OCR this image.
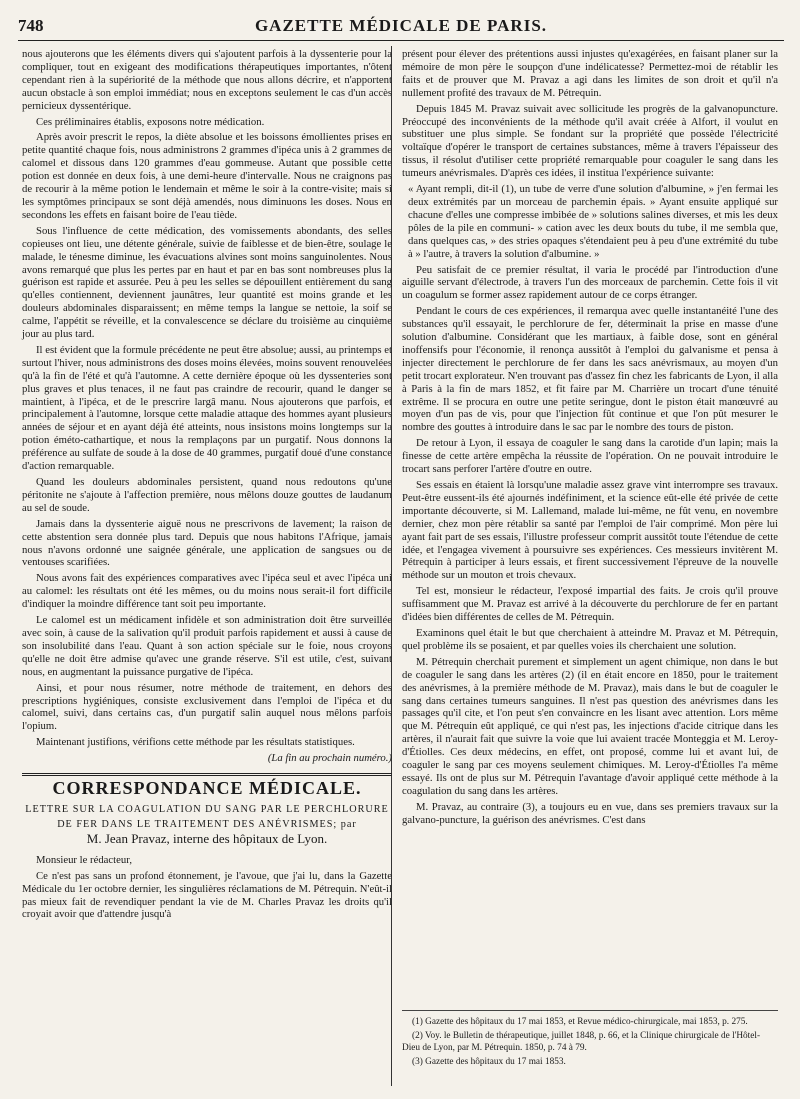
748	GAZETTE MÉDICALE DE PARIS.

nous ajouterons que les éléments divers qui s'ajoutent parfois à la dyssenterie pour la compliquer, tout en exigeant des modifications thérapeutiques importantes, n'ôtent cependant rien à la supériorité de la méthode que nous allons décrire, et n'apportent aucun obstacle à son emploi immédiat; nous en exceptons seulement le cas d'un accès pernicieux dyssentérique.

Ces préliminaires établis, exposons notre médication.

Après avoir prescrit le repos, la diète absolue et les boissons émollientes prises en petite quantité chaque fois, nous administrons 2 grammes d'ipéca unis à 2 grammes de calomel et dissous dans 120 grammes d'eau gommeuse. Autant que possible cette potion est donnée en deux fois, à une demi-heure d'intervalle. Nous ne craignons pas de recourir à la même potion le lendemain et même le soir à la contre-visite; mais si les symptômes principaux se sont déjà amendés, nous diminuons les doses. Nous en secondons les effets en faisant boire de l'eau tiède.

Sous l'influence de cette médication, des vomissements abondants, des selles copieuses ont lieu, une détente générale, suivie de faiblesse et de bien-être, soulage le malade, le ténesme diminue, les évacuations alvines sont moins sanguinolentes. Nous avons remarqué que plus les pertes par en haut et par en bas sont nombreuses plus la guérison est rapide et assurée. Peu à peu les selles se dépouillent entièrement du sang qu'elles contiennent, deviennent jaunâtres, leur quantité est moins grande et les douleurs abdominales disparaissent; en même temps la langue se nettoie, la soif se calme, l'appétit se réveille, et la convalescence se déclare du troisième au cinquième jour au plus tard.

Il est évident que la formule précédente ne peut être absolue; aussi, au printemps et surtout l'hiver, nous administrons des doses moins élevées, moins souvent renouvelées qu'à la fin de l'été et qu'à l'automne. A cette dernière époque où les dyssenteries sont plus graves et plus tenaces, il ne faut pas craindre de recourir, quand le danger se maintient, à l'ipéca, et de le prescrire largâ manu. Nous ajouterons que parfois, et principalement à l'automne, lorsque cette maladie attaque des hommes ayant plusieurs années de séjour et en ayant déjà été atteints, nous insistons moins longtemps sur la potion éméto-cathartique, et nous la remplaçons par un purgatif. Nous donnons la préférence au sulfate de soude à la dose de 40 grammes, purgatif doué d'une constance d'action remarquable.

Quand les douleurs abdominales persistent, quand nous redoutons qu'une péritonite ne s'ajoute à l'affection première, nous mêlons douze gouttes de laudanum au sel de soude.

Jamais dans la dyssenterie aiguë nous ne prescrivons de lavement; la raison de cette abstention sera donnée plus tard. Depuis que nous habitons l'Afrique, jamais nous n'avons ordonné une saignée générale, une application de sangsues ou de ventouses scarifiées.

Nous avons fait des expériences comparatives avec l'ipéca seul et avec l'ipéca uni au calomel: les résultats ont été les mêmes, ou du moins nous serait-il fort difficile d'indiquer la moindre différence tant soit peu importante.

Le calomel est un médicament infidèle et son administration doit être surveillée avec soin, à cause de la salivation qu'il produit parfois rapidement et aussi à cause de son insolubilité dans l'eau. Quant à son action spéciale sur le foie, nous croyons qu'elle ne doit être admise qu'avec une grande réserve. S'il est utile, c'est, suivant nous, en augmentant la puissance purgative de l'ipéca.

Ainsi, et pour nous résumer, notre méthode de traitement, en dehors des prescriptions hygiéniques, consiste exclusivement dans l'emploi de l'ipéca et du calomel, suivi, dans certains cas, d'un purgatif salin auquel nous mêlons parfois l'opium.

Maintenant justifions, vérifions cette méthode par les résultats statistiques.

(La fin au prochain numéro.)

CORRESPONDANCE MÉDICALE.
LETTRE SUR LA COAGULATION DU SANG PAR LE PERCHLORURE
DE FER DANS LE TRAITEMENT DES ANÉVRISMES; par
M. Jean Pravaz, interne des hôpitaux de Lyon.

Monsieur le rédacteur,

Ce n'est pas sans un profond étonnement, je l'avoue, que j'ai lu, dans la Gazette Médicale du 1er octobre dernier, les singulières réclamations de M. Pétrequin. N'eût-il pas mieux fait de revendiquer pendant la vie de M. Charles Pravaz les droits qu'il croyait avoir que d'attendre jusqu'à

présent pour élever des prétentions aussi injustes qu'exagérées, en faisant planer sur la mémoire de mon père le soupçon d'une indélicatesse? Permettez-moi de rétablir les faits et de prouver que M. Pravaz a agi dans les limites de son droit et qu'il n'a nullement profité des travaux de M. Pétrequin.

Depuis 1845 M. Pravaz suivait avec sollicitude les progrès de la galvanopuncture. Préoccupé des inconvénients de la méthode qu'il avait créée à Alfort, il voulut en substituer une plus simple. Se fondant sur la propriété que possède l'électricité voltaïque d'opérer le transport de certaines substances, même à travers l'épaisseur des tissus, il résolut d'utiliser cette propriété remarquable pour coaguler le sang dans les tumeurs anévrismales. D'après ces idées, il institua l'expérience suivante:

« Ayant rempli, dit-il (1), un tube de verre d'une solution d'albumine, » j'en fermai les deux extrémités par un morceau de parchemin épais. » Ayant ensuite appliqué sur chacune d'elles une compresse imbibée de » solutions salines diverses, et mis les deux pôles de la pile en communi- » cation avec les deux bouts du tube, il me sembla que, dans quelques cas, » des stries opaques s'étendaient peu à peu d'une extrémité du tube à » l'autre, à travers la solution d'albumine. »

Peu satisfait de ce premier résultat, il varia le procédé par l'introduction d'une aiguille servant d'électrode, à travers l'un des morceaux de parchemin. Cette fois il vit un coagulum se former assez rapidement autour de ce corps étranger.

Pendant le cours de ces expériences, il remarqua avec quelle instantanéité l'une des substances qu'il essayait, le perchlorure de fer, déterminait la prise en masse d'une solution d'albumine. Considérant que les martiaux, à faible dose, sont en général inoffensifs pour l'économie, il renonça aussitôt à l'emploi du galvanisme et pensa à injecter directement le perchlorure de fer dans les sacs anévrismaux, au moyen d'un petit trocart explorateur. N'en trouvant pas d'assez fin chez les fabricants de Lyon, il alla à Paris à la fin de mars 1852, et fit faire par M. Charrière un trocart d'une ténuité extrême. Il se procura en outre une petite seringue, dont le piston était manœuvré au moyen d'un pas de vis, pour que l'injection fût continue et que l'on pût mesurer le nombre des gouttes à introduire dans le sac par le nombre des tours de piston.

De retour à Lyon, il essaya de coaguler le sang dans la carotide d'un lapin; mais la finesse de cette artère empêcha la réussite de l'opération. On ne pouvait introduire le trocart sans perforer l'artère d'outre en outre.

Ses essais en étaient là lorsqu'une maladie assez grave vint interrompre ses travaux. Peut-être eussent-ils été ajournés indéfiniment, et la science eût-elle été privée de cette importante découverte, si M. Lallemand, malade lui-même, ne fût venu, en novembre dernier, chez mon père rétablir sa santé par l'emploi de l'air comprimé. Mon père lui ayant fait part de ses essais, l'illustre professeur comprit aussitôt toute l'étendue de cette idée, et l'engagea vivement à poursuivre ses expériences. Ces messieurs invitèrent M. Pétrequin à participer à leurs essais, et firent successivement l'épreuve de la nouvelle méthode sur un mouton et trois chevaux.

Tel est, monsieur le rédacteur, l'exposé impartial des faits. Je crois qu'il prouve suffisamment que M. Pravaz est arrivé à la découverte du perchlorure de fer en partant d'idées bien différentes de celles de M. Pétrequin.

Examinons quel était le but que cherchaient à atteindre M. Pravaz et M. Pétrequin, quel problème ils se posaient, et par quelles voies ils cherchaient une solution.

M. Pétrequin cherchait purement et simplement un agent chimique, non dans le but de coaguler le sang dans les artères (2) (il en était encore en 1850, pour le traitement des anévrismes, à la première méthode de M. Pravaz), mais dans le but de coaguler le sang dans certaines tumeurs sanguines. Il n'est pas question des anévrismes dans les passages qu'il cite, et l'on peut s'en convaincre en les lisant avec attention. Lors même que M. Pétrequin eût appliqué, ce qui n'est pas, les injections d'acide citrique dans les artères, il n'aurait fait que suivre la voie que lui avaient tracée Monteggia et M. Leroy-d'Étiolles. Ces deux médecins, en effet, ont proposé, comme lui et avant lui, de coaguler le sang par ces moyens seulement chimiques. M. Leroy-d'Étiolles l'a même essayé. Ils ont de plus sur M. Pétrequin l'avantage d'avoir appliqué cette méthode à la coagulation du sang dans les artères.

M. Pravaz, au contraire (3), a toujours eu en vue, dans ses premiers travaux sur la galvano-puncture, la guérison des anévrismes. C'est dans

(1) Gazette des hôpitaux du 17 mai 1853, et Revue médico-chirurgicale, mai 1853, p. 275.

(2) Voy. le Bulletin de thérapeutique, juillet 1848, p. 66, et la Clinique chirurgicale de l'Hôtel-Dieu de Lyon, par M. Pétrequin. 1850, p. 74 à 79.

(3) Gazette des hôpitaux du 17 mai 1853.
